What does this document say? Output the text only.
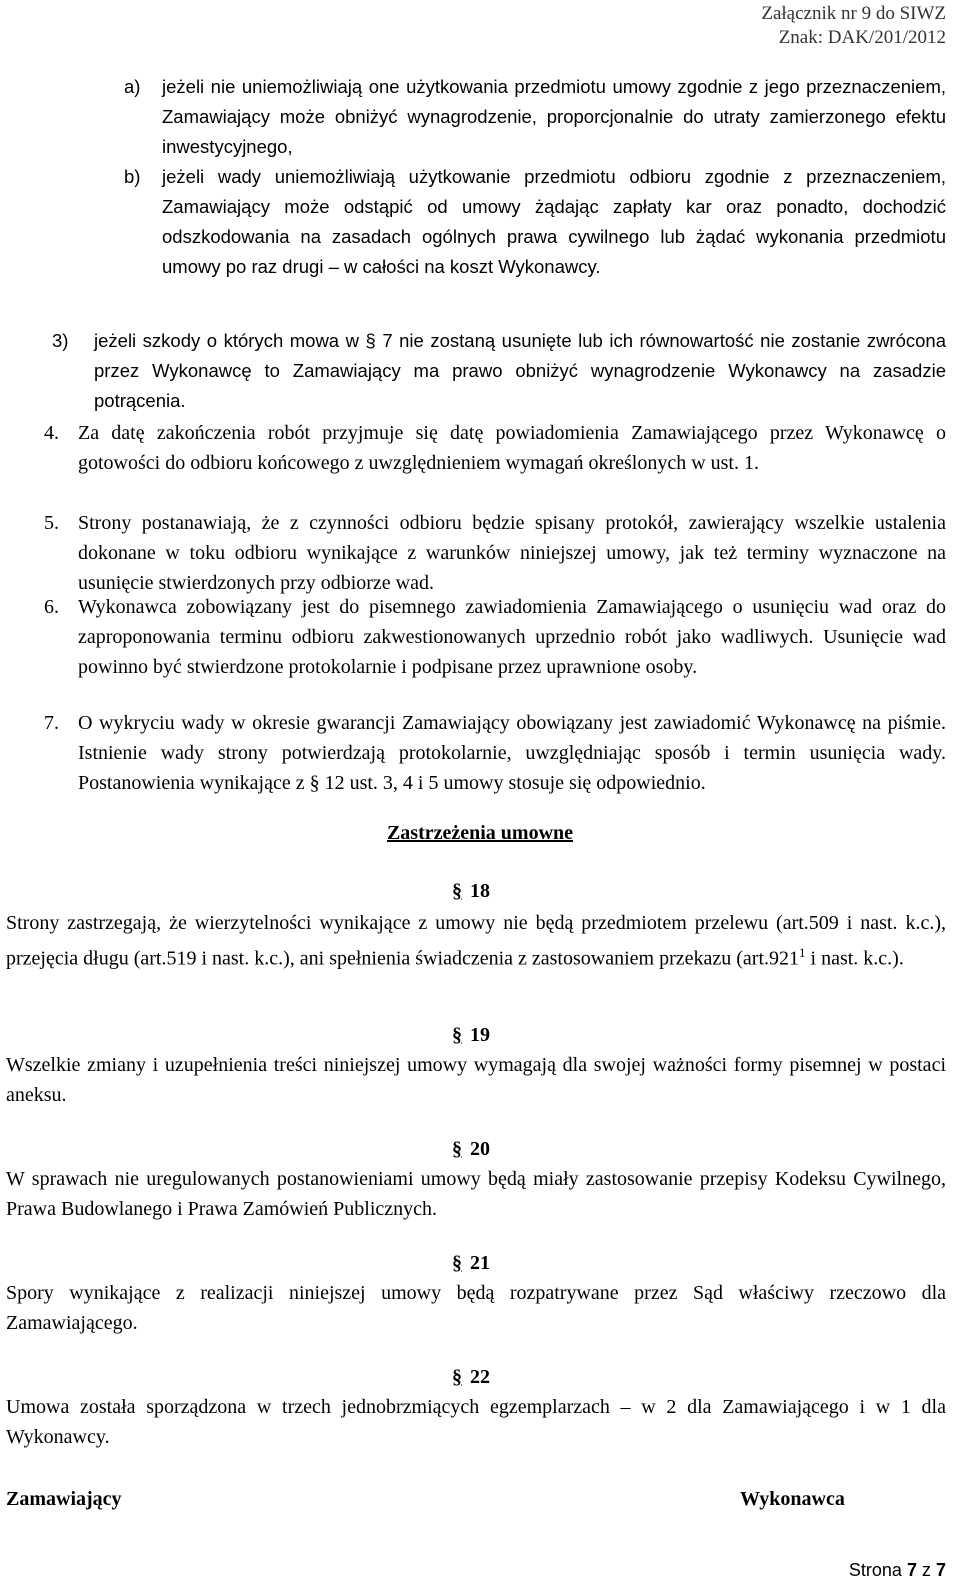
Załącznik nr 9 do SIWZ
Znak: DAK/201/2012
a)	jeżeli nie uniemożliwiają one użytkowania przedmiotu umowy zgodnie z jego przeznaczeniem, Zamawiający może obniżyć wynagrodzenie, proporcjonalnie do utraty zamierzonego efektu inwestycyjnego,
b)	jeżeli wady uniemożliwiają użytkowanie przedmiotu odbioru zgodnie z przeznaczeniem, Zamawiający może odstąpić od umowy żądając zapłaty kar oraz ponadto, dochodzić odszkodowania na zasadach ogólnych prawa cywilnego lub żądać wykonania przedmiotu umowy po raz drugi – w całości na koszt Wykonawcy.
3)	jeżeli szkody o których mowa w § 7 nie zostaną usunięte lub ich równowartość nie zostanie zwrócona przez Wykonawcę to Zamawiający ma prawo obniżyć wynagrodzenie Wykonawcy na zasadzie potrącenia.
4. Za datę zakończenia robót przyjmuje się datę powiadomienia Zamawiającego przez Wykonawcę o gotowości do odbioru końcowego z uwzględnieniem wymagań określonych w ust. 1.
5. Strony postanawiają, że z czynności odbioru będzie spisany protokół, zawierający wszelkie ustalenia dokonane w toku odbioru wynikające z warunków niniejszej umowy, jak też terminy wyznaczone na usunięcie stwierdzonych przy odbiorze wad.
6. Wykonawca zobowiązany jest do pisemnego zawiadomienia Zamawiającego o usunięciu wad oraz do zaproponowania terminu odbioru zakwestionowanych uprzednio robót jako wadliwych. Usunięcie wad powinno być stwierdzone protokolarnie i podpisane przez uprawnione osoby.
7. O wykryciu wady w okresie gwarancji Zamawiający obowiązany jest zawiadomić Wykonawcę na piśmie. Istnienie wady strony potwierdzają protokolarnie, uwzględniając sposób i termin usunięcia wady. Postanowienia wynikające z § 12 ust. 3, 4 i 5 umowy stosuje się odpowiednio.
Zastrzeżenia umowne
§ 18
Strony zastrzegają, że wierzytelności wynikające z umowy nie będą przedmiotem przelewu (art.509 i nast. k.c.), przejęcia długu (art.519 i nast. k.c.), ani spełnienia świadczenia z zastosowaniem przekazu (art.921$^1$ i nast. k.c.).
§ 19
Wszelkie zmiany i uzupełnienia treści niniejszej umowy wymagają dla swojej ważności formy pisemnej w postaci aneksu.
§ 20
W sprawach nie uregulowanych postanowieniami umowy będą miały zastosowanie przepisy Kodeksu Cywilnego, Prawa Budowlanego i Prawa Zamówień Publicznych.
§ 21
Spory wynikające z realizacji niniejszej umowy będą rozpatrywane przez Sąd właściwy rzeczowo dla Zamawiającego.
§ 22
Umowa została sporządzona w trzech jednobrzmiących egzemplarzach – w 2 dla Zamawiającego i w 1 dla Wykonawcy.
Zamawiający	Wykonawca
Strona 7 z 7
